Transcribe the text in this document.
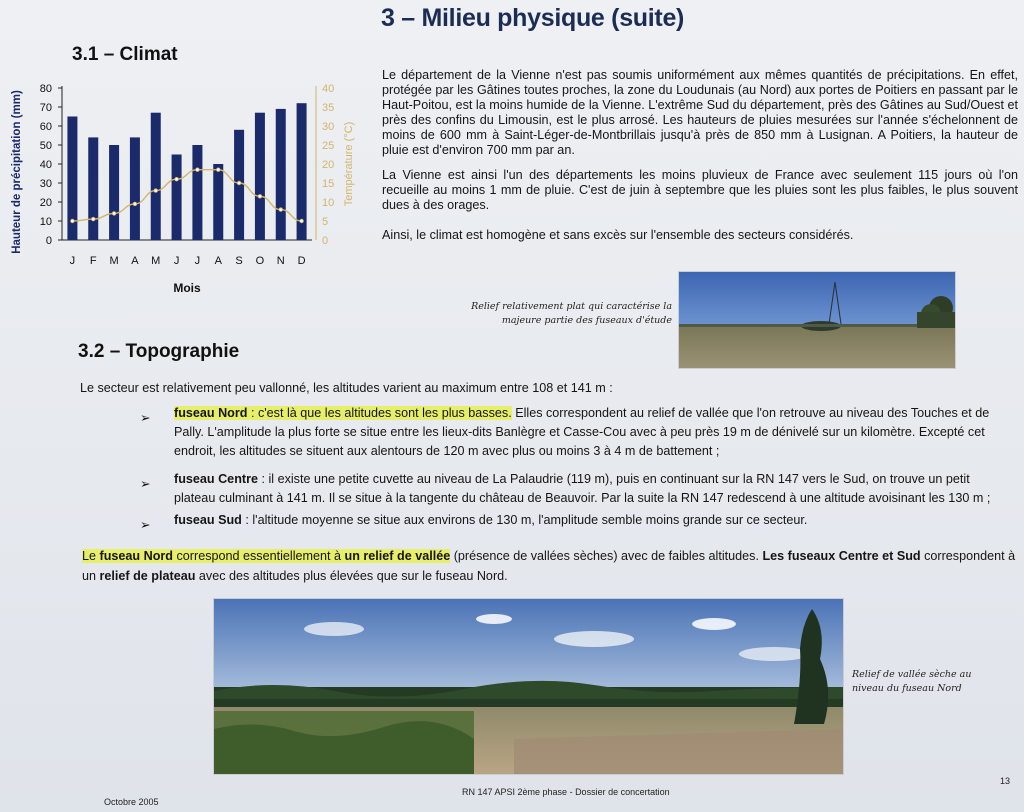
3 – Milieu physique (suite)
3.1 – Climat
0
10
20
30
40
50
60
70
80
0
5
10
15
20
25
30
35
40
J F M A M J J A S O N D
Mois
Hauteur de précipitation (mm)	Température (°C)
Le département de la Vienne n'est pas soumis uniformément aux mêmes quantités de précipitations. En effet, protégée par les Gâtines toutes proches, la zone du Loudunais (au Nord) aux portes de Poitiers en passant par le Haut-Poitou, est la moins humide de la Vienne. L'extrême Sud du département, près des Gâtines au Sud/Ouest et près des confins du Limousin, est le plus arrosé. Les hauteurs de pluies mesurées sur l'année s'échelonnent de moins de 600 mm à Saint-Léger-de-Montbrillais jusqu'à près de 850 mm à Lusignan. A Poitiers, la hauteur de pluie est d'environ 700 mm par an.
La Vienne est ainsi l'un des départements les moins pluvieux de France avec seulement 115 jours où l'on recueille au moins 1 mm de pluie. C'est de juin à septembre que les pluies sont les plus faibles, le plus souvent dues à des orages.
Ainsi, le climat est homogène et sans excès sur l'ensemble des secteurs considérés.
Relief relativement plat qui caractérise la majeure partie des fuseaux d'étude
3.2 – Topographie
Le secteur est relativement peu vallonné, les altitudes varient au maximum entre 108 et 141 m :
➢ fuseau Nord : c'est là que les altitudes sont les plus basses. Elles correspondent au relief de vallée que l'on retrouve au niveau des Touches et de Pally. L'amplitude la plus forte se situe entre les lieux-dits Banlègre et Casse-Cou avec à peu près 19 m de dénivelé sur un kilomètre. Excepté cet endroit, les altitudes se situent aux alentours de 120 m avec plus ou moins 3 à 4 m de battement ;
➢ fuseau Centre : il existe une petite cuvette au niveau de La Palaudrie (119 m), puis en continuant sur la RN 147 vers le Sud, on trouve un petit plateau culminant à 141 m. Il se situe à la tangente du château de Beauvoir. Par la suite la RN 147 redescend à une altitude avoisinant les 130 m ;
➢ fuseau Sud : l'altitude moyenne se situe aux environs de 130 m, l'amplitude semble moins grande sur ce secteur.
Le fuseau Nord correspond essentiellement à un relief de vallée (présence de vallées sèches) avec de faibles altitudes. Les fuseaux Centre et Sud correspondent à un relief de plateau avec des altitudes plus élevées que sur le fuseau Nord.
Relief de vallée sèche au niveau du fuseau Nord
Octobre 2005
RN 147 APSI 2ème phase - Dossier de concertation
13
